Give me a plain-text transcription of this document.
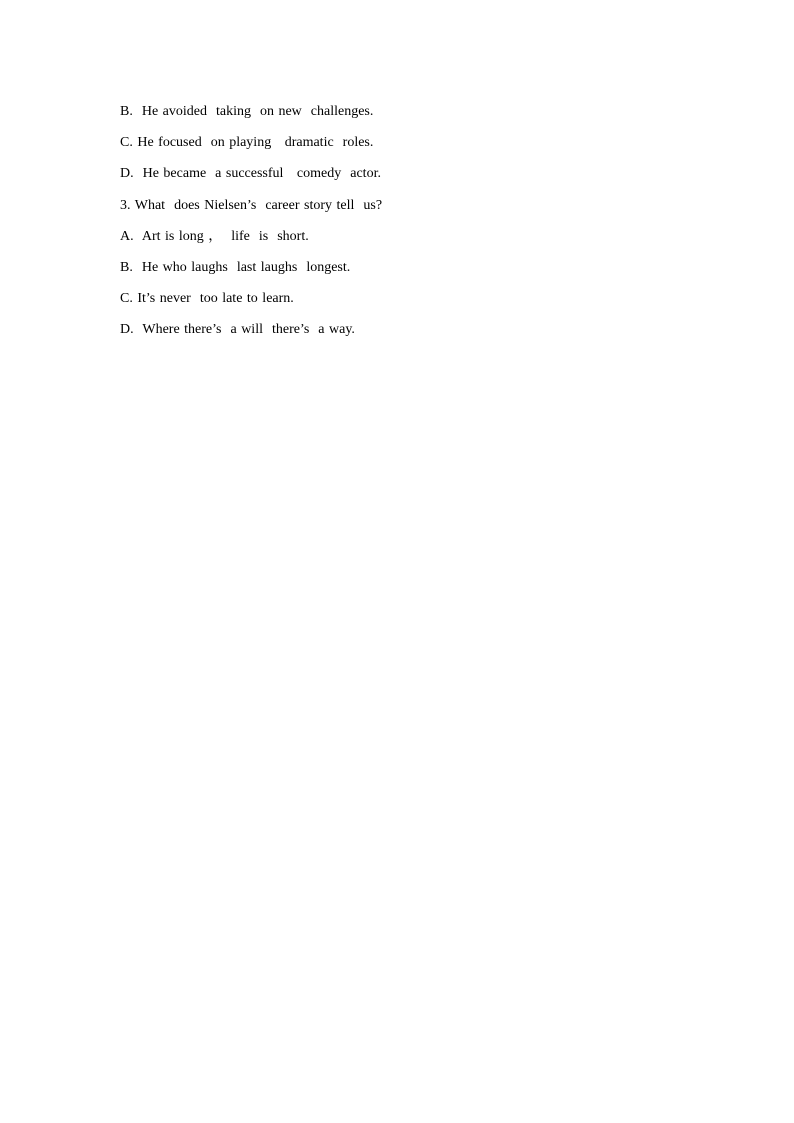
B.  He avoided  taking  on new  challenges.
C. He focused  on playing   dramatic  roles.
D.  He became  a successful   comedy  actor.
3. What  does Nielsen’s  career story tell  us?
A.  Art is long ，  life  is  short.
B.  He who laughs  last laughs  longest.
C. It’s never  too late to learn.
D.  Where there’s  a will  there’s  a way.
